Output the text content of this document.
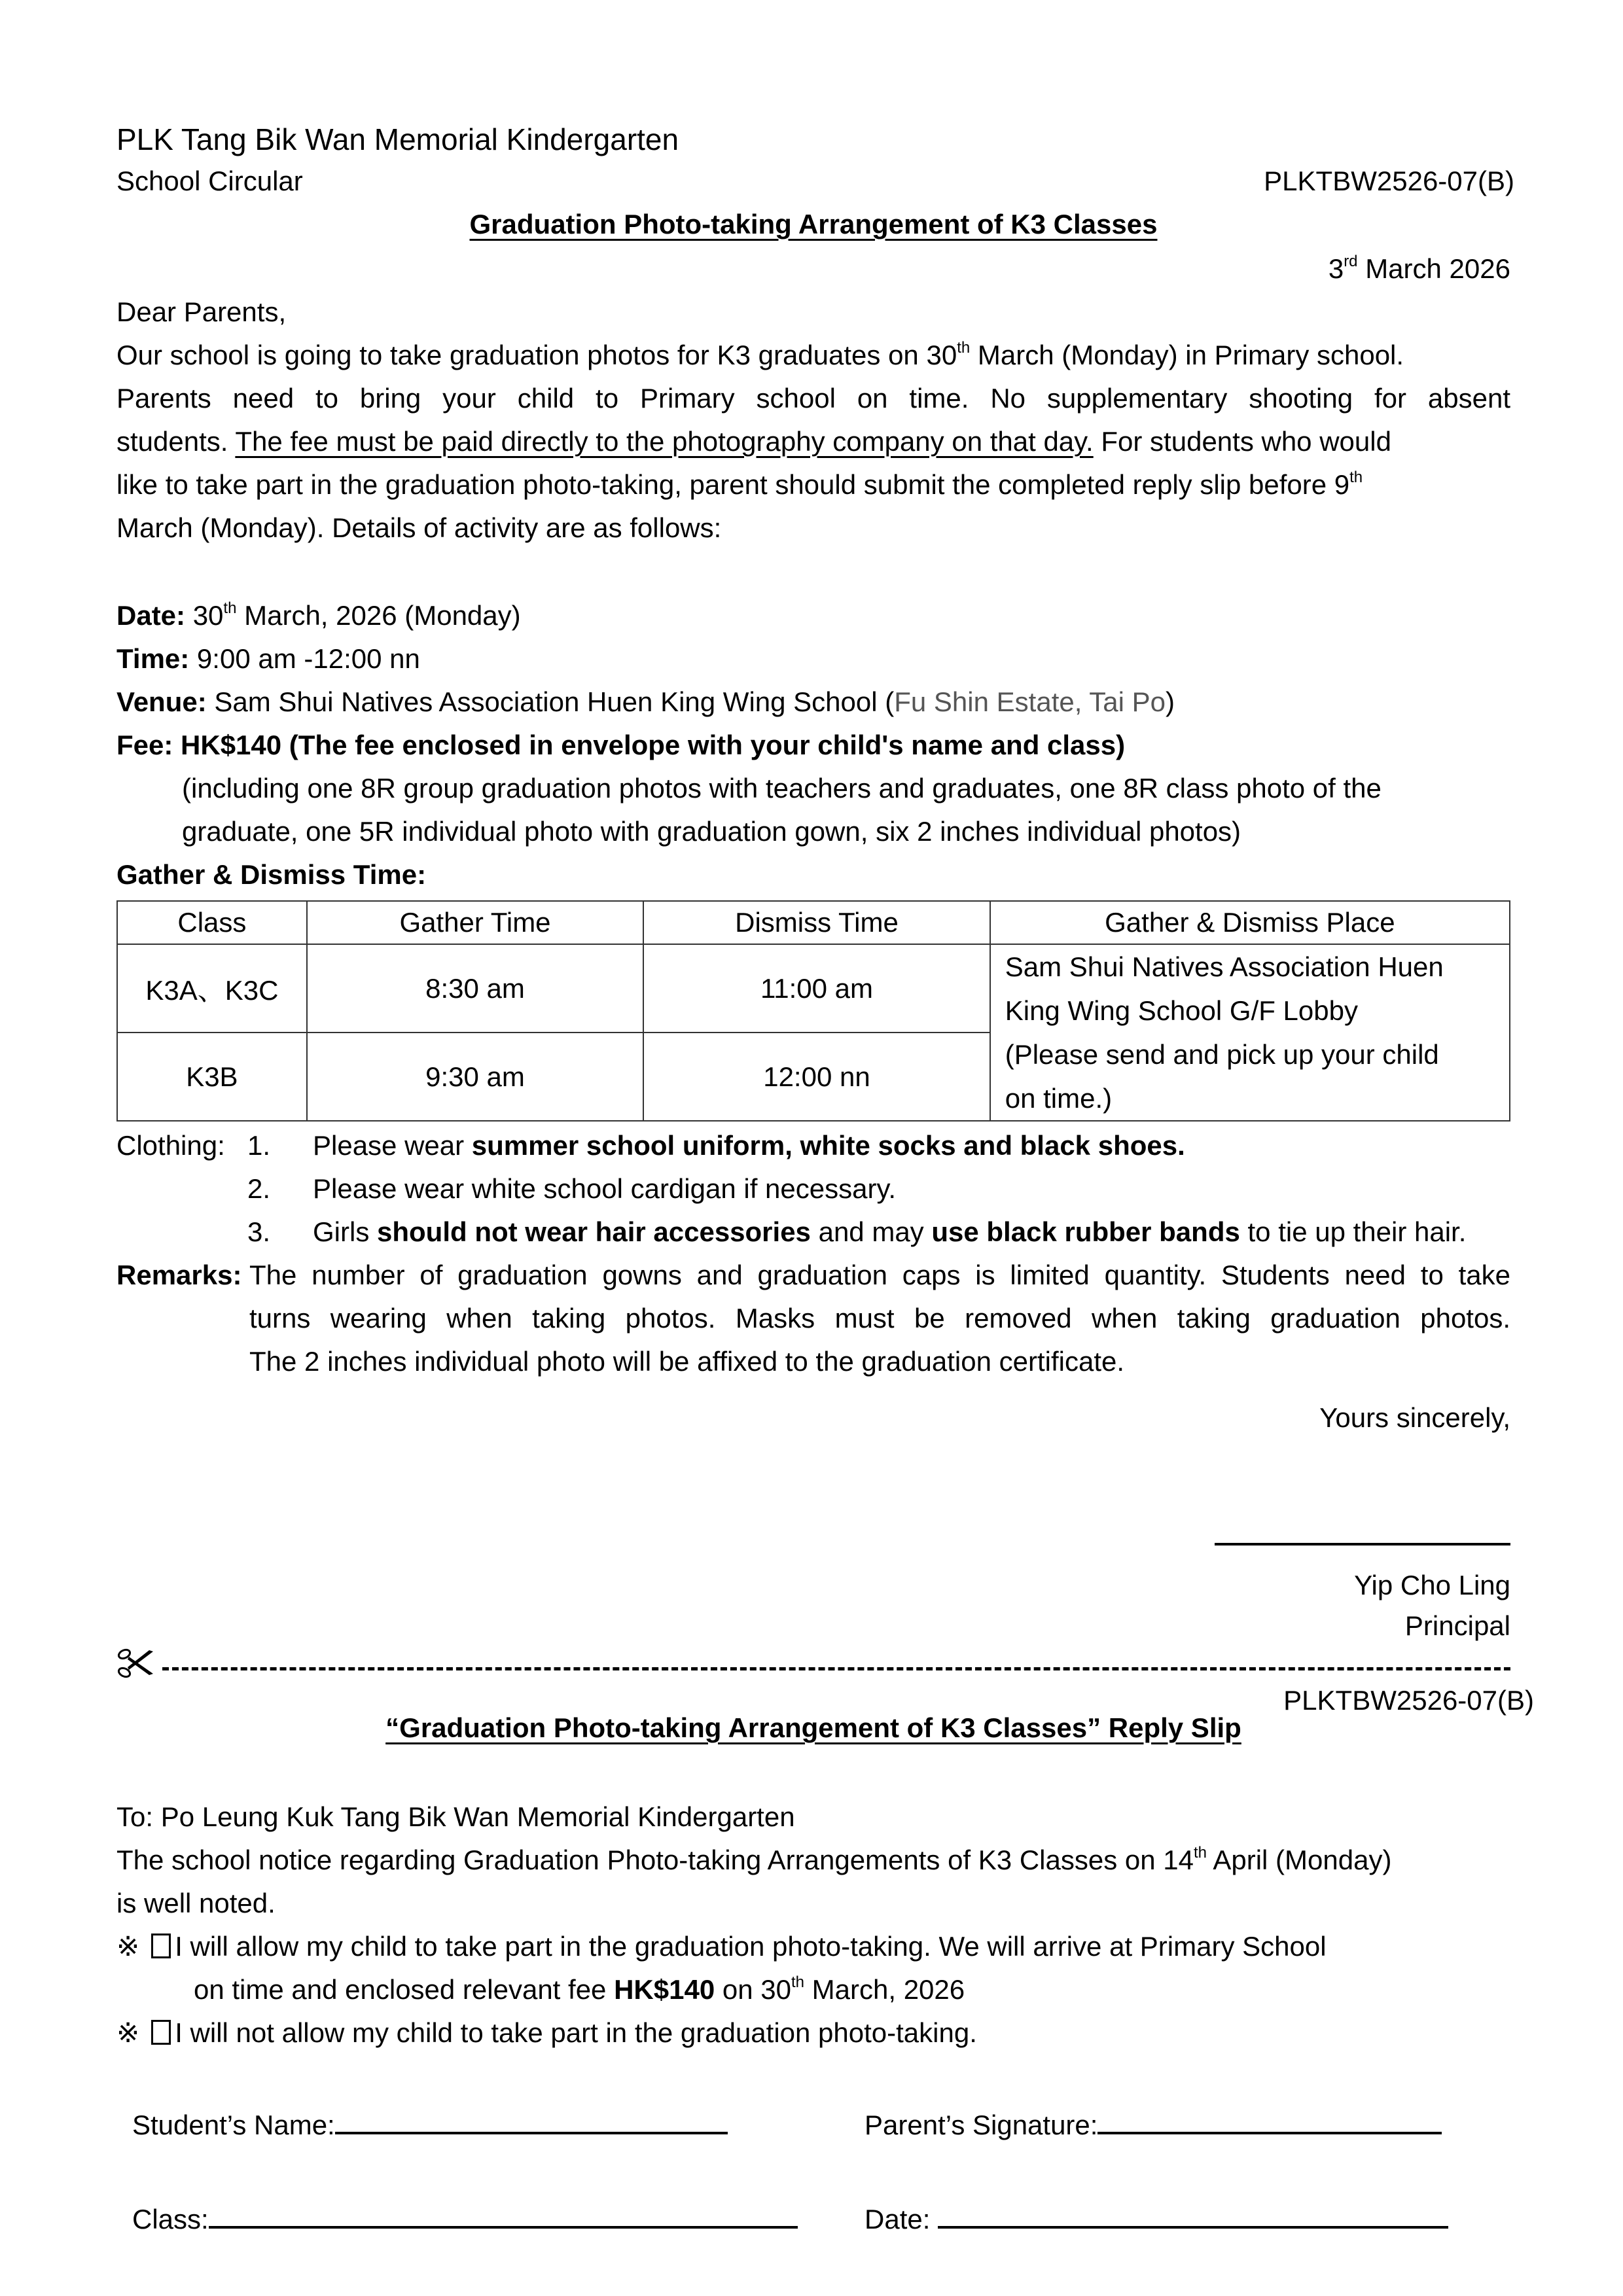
PLK Tang Bik Wan Memorial Kindergarten
School Circular	PLKTBW2526-07(B)
Graduation Photo-taking Arrangement of K3 Classes
3rd March 2026
Dear Parents,
Our school is going to take graduation photos for K3 graduates on 30th March (Monday) in Primary school.
Parents need to bring your child to Primary school on time. No supplementary shooting for absent
students. The fee must be paid directly to the photography company on that day. For students who would
like to take part in the graduation photo-taking, parent should submit the completed reply slip before 9th
March (Monday). Details of activity are as follows:
Date: 30th March, 2026 (Monday)
Time: 9:00 am -12:00 nn
Venue: Sam Shui Natives Association Huen King Wing School (Fu Shin Estate, Tai Po)
Fee: HK$140 (The fee enclosed in envelope with your child's name and class)
(including one 8R group graduation photos with teachers and graduates, one 8R class photo of the
graduate, one 5R individual photo with graduation gown, six 2 inches individual photos)
Gather & Dismiss Time:
Class	Gather Time	Dismiss Time	Gather & Dismiss Place
K3A、K3C	8:30 am	11:00 am	Sam Shui Natives Association Huen
King Wing School G/F Lobby
(Please send and pick up your child
on time.)

K3B	9:30 am	12:00 nn	
Clothing: 1. Please wear summer school uniform, white socks and black shoes.
2. Please wear white school cardigan if necessary.
3. Girls should not wear hair accessories and may use black rubber bands to tie up their hair.
Remarks: The number of graduation gowns and graduation caps is limited quantity. Students need to take
turns wearing when taking photos. Masks must be removed when taking graduation photos.
The 2 inches individual photo will be affixed to the graduation certificate.
Yours sincerely,
Yip Cho Ling
Principal
PLKTBW2526-07(B)
“Graduation Photo-taking Arrangement of K3 Classes” Reply Slip
To: Po Leung Kuk Tang Bik Wan Memorial Kindergarten
The school notice regarding Graduation Photo-taking Arrangements of K3 Classes on 14th April (Monday)
is well noted.
※ I will allow my child to take part in the graduation photo-taking. We will arrive at Primary School
on time and enclosed relevant fee HK$140 on 30th March, 2026
※ I will not allow my child to take part in the graduation photo-taking.
Student’s Name:	Parent’s Signature:
Class:	Date:
